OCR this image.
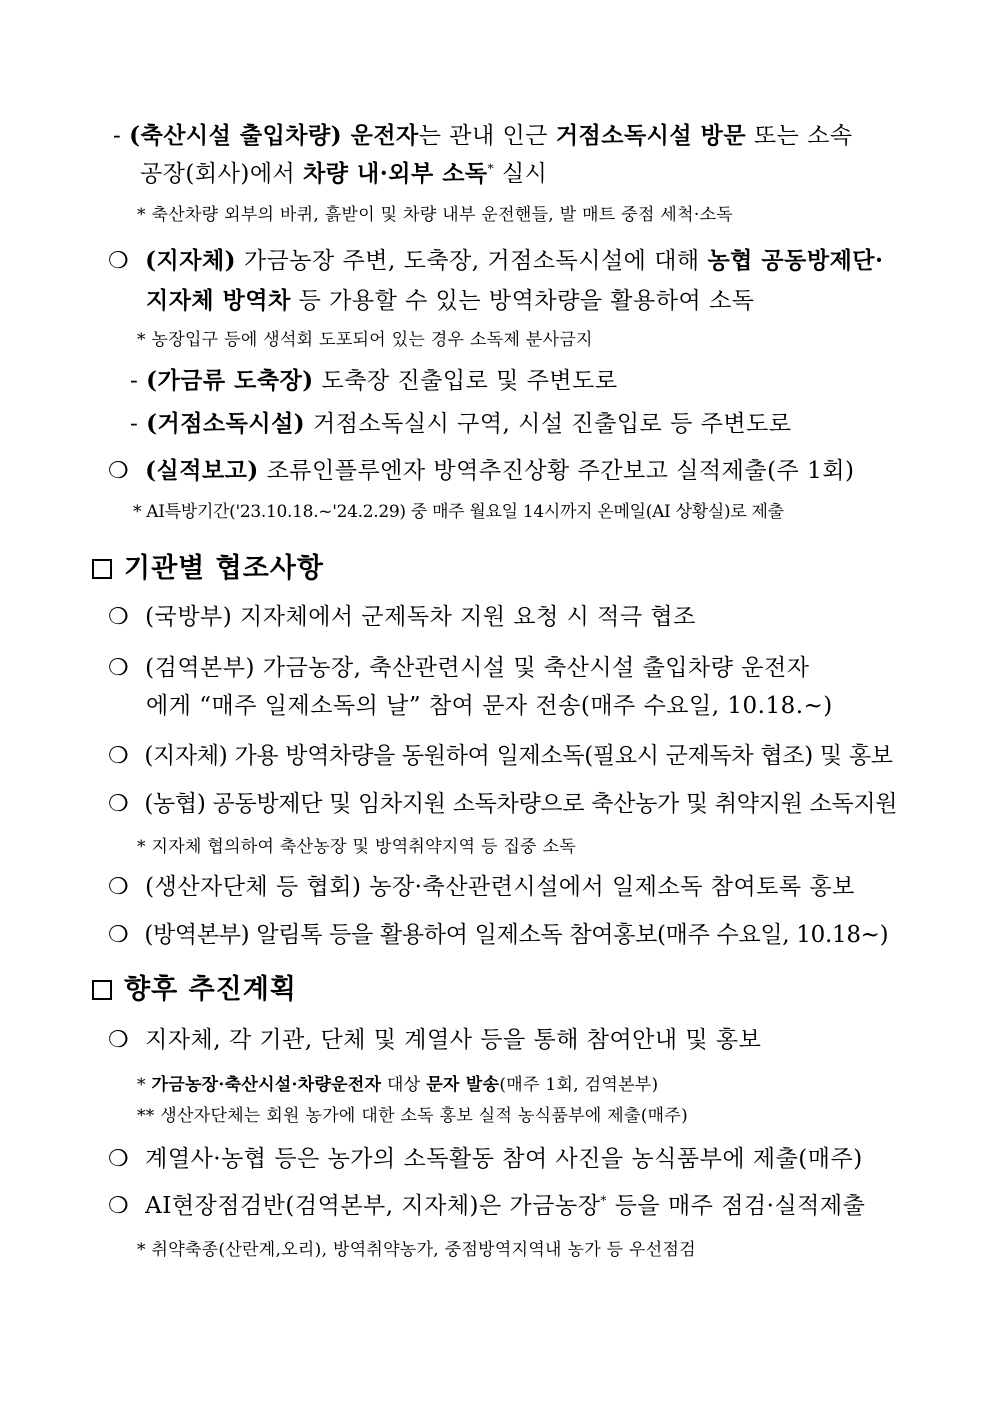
- (축산시설 출입차량) 운전자는 관내 인근 거점소독시설 방문 또는 소속
공장(회사)에서 차량 내·외부 소독* 실시
* 축산차량 외부의 바퀴, 흙받이 및 차량 내부 운전핸들, 발 매트 중점 세척·소독
❍ (지자체) 가금농장 주변, 도축장, 거점소독시설에 대해 농협 공동방제단·
지자체 방역차 등 가용할 수 있는 방역차량을 활용하여 소독
* 농장입구 등에 생석회 도포되어 있는 경우 소독제 분사금지
- (가금류 도축장) 도축장 진출입로 및 주변도로
- (거점소독시설) 거점소독실시 구역, 시설 진출입로 등 주변도로
❍ (실적보고) 조류인플루엔자 방역추진상황 주간보고 실적제출(주 1회)
* AI특방기간('23.10.18.~'24.2.29) 중 매주 월요일 14시까지 온메일(AI 상황실)로 제출
기관별 협조사항
❍ (국방부) 지자체에서 군제독차 지원 요청 시 적극 협조
❍ (검역본부) 가금농장, 축산관련시설 및 축산시설 출입차량 운전자
에게 “매주 일제소독의 날” 참여 문자 전송(매주 수요일, 10.18.~)
❍ (지자체) 가용 방역차량을 동원하여 일제소독(필요시 군제독차 협조) 및 홍보
❍ (농협) 공동방제단 및 임차지원 소독차량으로 축산농가 및 취약지원 소독지원
* 지자체 협의하여 축산농장 및 방역취약지역 등 집중 소독
❍ (생산자단체 등 협회) 농장·축산관련시설에서 일제소독 참여토록 홍보
❍ (방역본부) 알림톡 등을 활용하여 일제소독 참여홍보(매주 수요일, 10.18~)
향후 추진계획
❍ 지자체, 각 기관, 단체 및 계열사 등을 통해 참여안내 및 홍보
* 가금농장·축산시설·차량운전자 대상 문자 발송(매주 1회, 검역본부)
** 생산자단체는 회원 농가에 대한 소독 홍보 실적 농식품부에 제출(매주)
❍ 계열사·농협 등은 농가의 소독활동 참여 사진을 농식품부에 제출(매주)
❍ AI현장점검반(검역본부, 지자체)은 가금농장* 등을 매주 점검·실적제출
* 취약축종(산란계,오리), 방역취약농가, 중점방역지역내 농가 등 우선점검
